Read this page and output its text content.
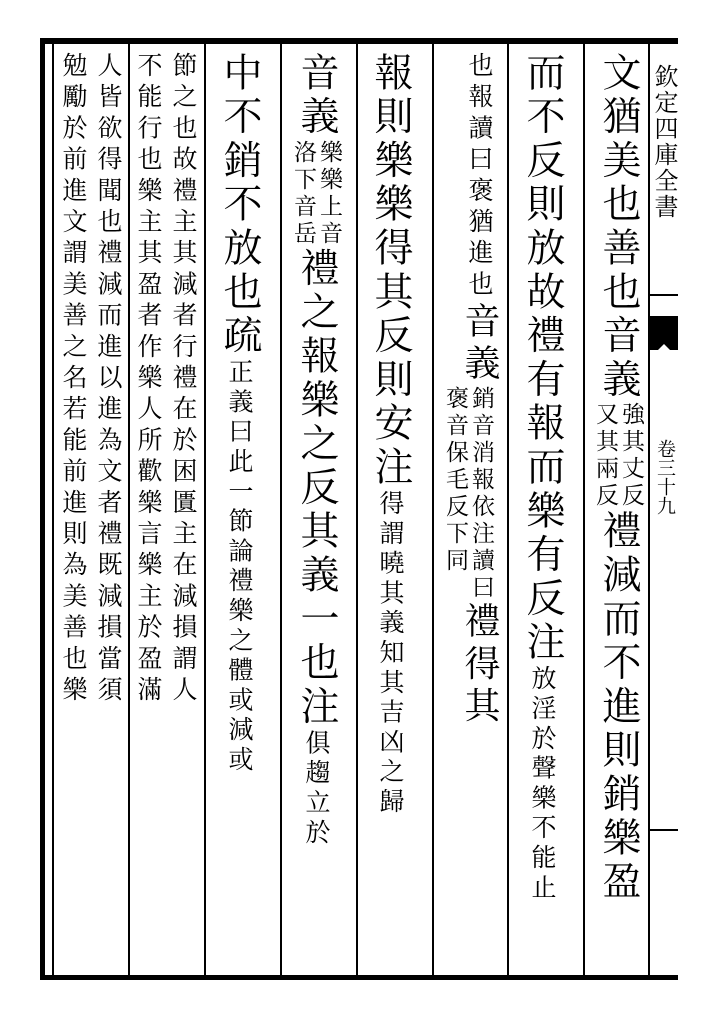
欽定四庫全書
卷三十九
文猶美也善也音義強其丈反
又其兩反禮減而不進則銷樂盈
而不反則放故禮有報而樂有反注放淫於聲樂不能止
也報讀曰褒猶進也音義銷音消報依注讀曰
褒音保毛反下同禮得其
報則樂樂得其反則安注得謂曉其義知其吉凶之歸
音義樂樂上音
洛下音岳禮之報樂之反其義一也注俱趨立於
中不銷不放也疏正義曰此一節論禮樂之體或減或
節之也故禮主其減者行禮在於困匱主在減損謂人
不能行也樂主其盈者作樂人所歡樂言樂主於盈滿
人皆欲得聞也禮減而進以進為文者禮既減損當須
勉勵於前進文謂美善之名若能前進則為美善也樂
